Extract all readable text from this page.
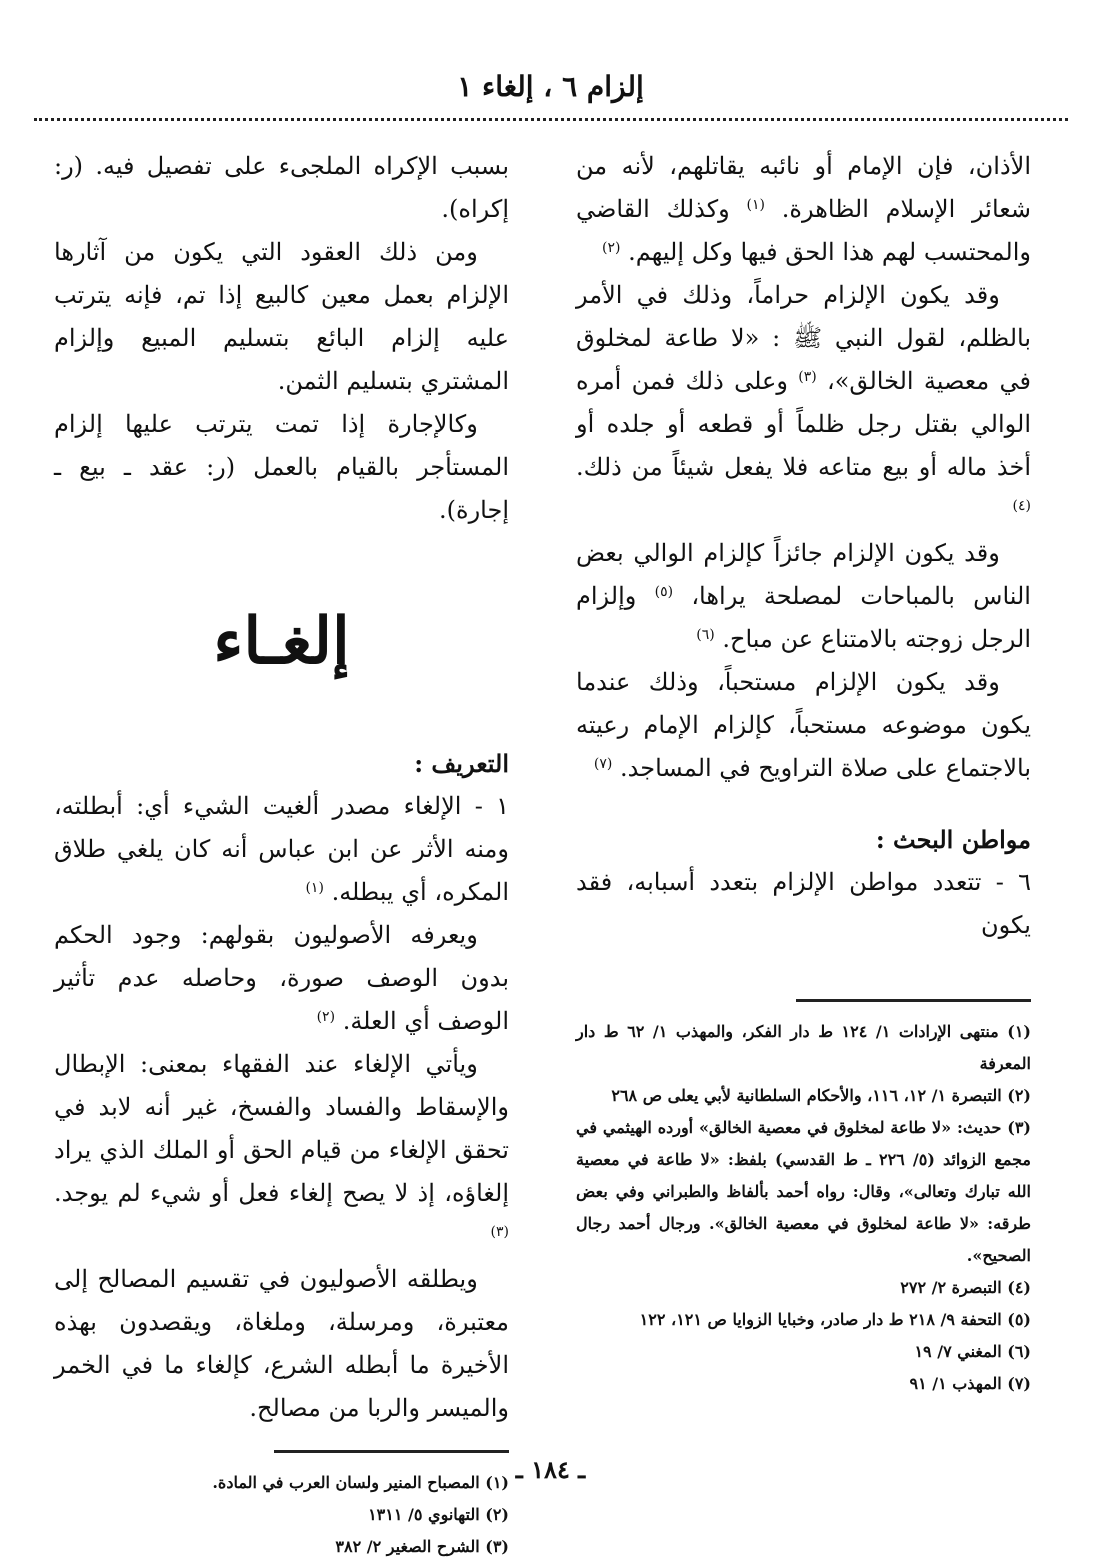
إلزام ٦ ، إلغاء ١

الأذان، فإن الإمام أو نائبه يقاتلهم، لأنه من شعائر الإسلام الظاهرة. $^{(١)}$ وكذلك القاضي والمحتسب لهم هذا الحق فيها وكل إليهم. $^{(٢)}$

وقد يكون الإلزام حراماً، وذلك في الأمر بالظلم، لقول النبي ﷺ : «لا طاعة لمخلوق في معصية الخالق»، $^{(٣)}$ وعلى ذلك فمن أمره الوالي بقتل رجل ظلماً أو قطعه أو جلده أو أخذ ماله أو بيع متاعه فلا يفعل شيئاً من ذلك. $^{(٤)}$

وقد يكون الإلزام جائزاً كإلزام الوالي بعض الناس بالمباحات لمصلحة يراها، $^{(٥)}$ وإلزام الرجل زوجته بالامتناع عن مباح. $^{(٦)}$

وقد يكون الإلزام مستحباً، وذلك عندما يكون موضوعه مستحباً، كإلزام الإمام رعيته بالاجتماع على صلاة التراويح في المساجد. $^{(٧)}$

مواطن البحث :

٦ - تتعدد مواطن الإلزام بتعدد أسبابه، فقد يكون

(١) منتهى الإرادات ١/ ١٢٤ ط دار الفكر، والمهذب ١/ ٦٢ ط دار المعرفة

(٢) التبصرة ١/ ١٢، ١١٦، والأحكام السلطانية لأبي يعلى ص ٢٦٨

(٣) حديث: «لا طاعة لمخلوق في معصية الخالق» أورده الهيثمي في مجمع الزوائد (٥/ ٢٢٦ ـ ط القدسي) بلفظ: «لا طاعة في معصية الله تبارك وتعالى»، وقال: رواه أحمد بألفاظ والطبراني وفي بعض طرقه: «لا طاعة لمخلوق في معصية الخالق». ورجال أحمد رجال الصحيح».

(٤) التبصرة ٢/ ٢٧٢

(٥) التحفة ٩/ ٢١٨ ط دار صادر، وخبايا الزوايا ص ١٢١، ١٢٢

(٦) المغني ٧/ ١٩

(٧) المهذب ١/ ٩١

بسبب الإكراه الملجىء على تفصيل فيه. (ر: إكراه).

ومن ذلك العقود التي يكون من آثارها الإلزام بعمل معين كالبيع إذا تم، فإنه يترتب عليه إلزام البائع بتسليم المبيع وإلزام المشتري بتسليم الثمن.

وكالإجارة إذا تمت يترتب عليها إلزام المستأجر بالقيام بالعمل (ر: عقد ـ بيع ـ إجارة).

إلغـاء

التعريف :

١ - الإلغاء مصدر ألغيت الشيء أي: أبطلته، ومنه الأثر عن ابن عباس أنه كان يلغي طلاق المكره، أي يبطله. $^{(١)}$

ويعرفه الأصوليون بقولهم: وجود الحكم بدون الوصف صورة، وحاصله عدم تأثير الوصف أي العلة. $^{(٢)}$

ويأتي الإلغاء عند الفقهاء بمعنى: الإبطال والإسقاط والفساد والفسخ، غير أنه لابد في تحقق الإلغاء من قيام الحق أو الملك الذي يراد إلغاؤه، إذ لا يصح إلغاء فعل أو شيء لم يوجد. $^{(٣)}$

ويطلقه الأصوليون في تقسيم المصالح إلى معتبرة، ومرسلة، وملغاة، ويقصدون بهذه الأخيرة ما أبطله الشرع، كإلغاء ما في الخمر والميسر والربا من مصالح.

(١) المصباح المنير ولسان العرب في المادة.

(٢) التهانوي ٥/ ١٣١١

(٣) الشرح الصغير ٢/ ٣٨٢

ـ ١٨٤ ـ
